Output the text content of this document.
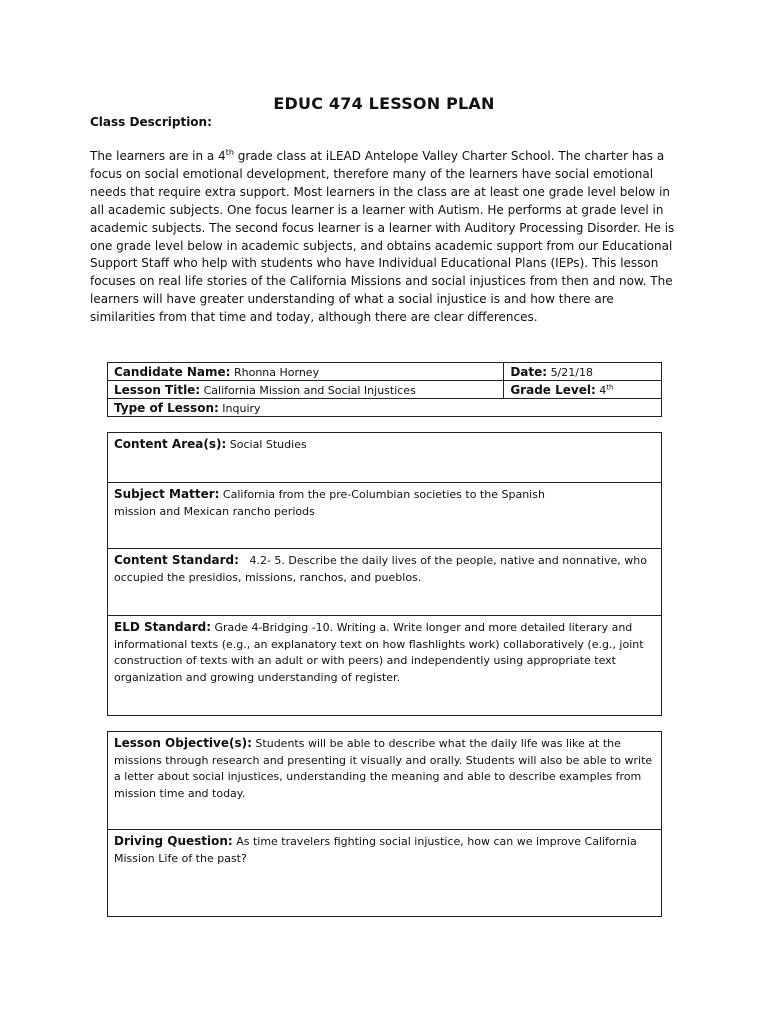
EDUC 474 LESSON PLAN
Class Description:

The learners are in a 4th grade class at iLEAD Antelope Valley Charter School. The charter has a focus on social emotional development, therefore many of the learners have social emotional needs that require extra support. Most learners in the class are at least one grade level below in all academic subjects. One focus learner is a learner with Autism. He performs at grade level in academic subjects. The second focus learner is a learner with Auditory Processing Disorder. He is one grade level below in academic subjects, and obtains academic support from our Educational Support Staff who help with students who have Individual Educational Plans (IEPs). This lesson focuses on real life stories of the California Missions and social injustices from then and now. The learners will have greater understanding of what a social injustice is and how there are similarities from that time and today, although there are clear differences.

Candidate Name: Rhonna Horney	Date: 5/21/18
Lesson Title: California Mission and Social Injustices	Grade Level: 4th
Type of Lesson: Inquiry	
Content Area(s): Social Studies
Subject Matter: California from the pre-Columbian societies to the Spanish
mission and Mexican rancho periods
Content Standard: 4.2- 5. Describe the daily lives of the people, native and nonnative, who occupied the presidios, missions, ranchos, and pueblos.
ELD Standard: Grade 4-Bridging -10. Writing a. Write longer and more detailed literary and informational texts (e.g., an explanatory text on how flashlights work) collaboratively (e.g., joint construction of texts with an adult or with peers) and independently using appropriate text organization and growing understanding of register.
Lesson Objective(s): Students will be able to describe what the daily life was like at the missions through research and presenting it visually and orally. Students will also be able to write a letter about social injustices, understanding the meaning and able to describe examples from mission time and today.
Driving Question: As time travelers fighting social injustice, how can we improve California Mission Life of the past?
